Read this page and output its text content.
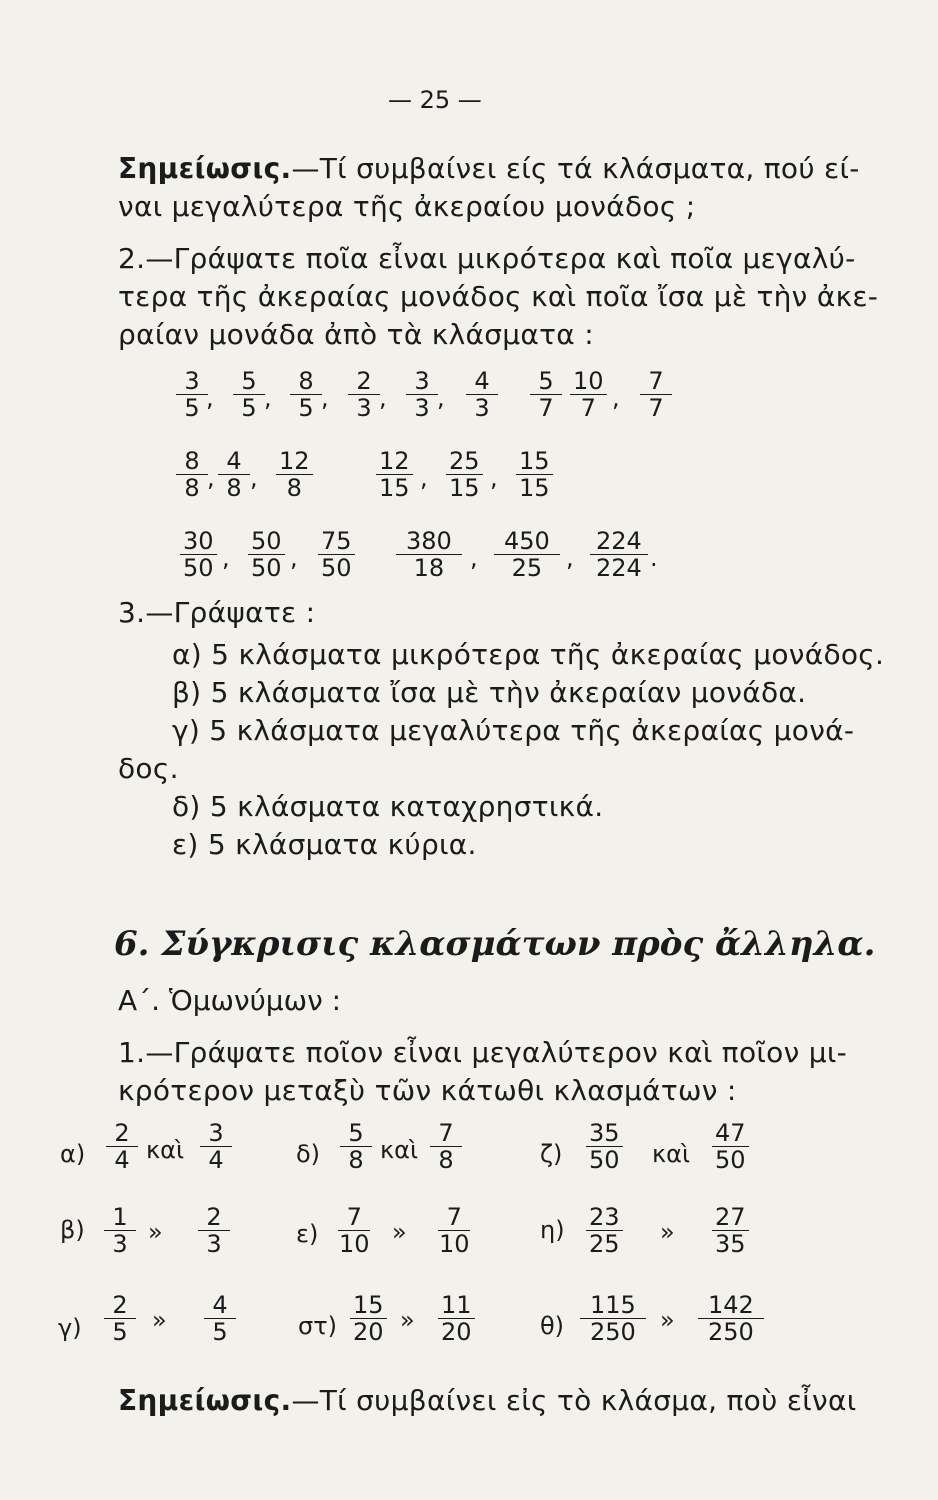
— 25 —
Σημείωσις.—Τί συμβαίνει είς τά κλάσματα, πού εί-
ναι μεγαλύτερα τῆς ἀκεραίου μονάδος ;
2.—Γράψατε ποῖα εἶναι μικρότερα καὶ ποῖα μεγαλύ-
τερα τῆς ἀκεραίας μονάδος καὶ ποῖα ἴσα μὲ τὴν ἀκε-
ραίαν μονάδα ἀπὸ τὰ κλάσματα :
$\frac{3}{5}$
, $\frac{5}{5}$ , $\frac{8}{5}$ , $\frac{2}{3}$ , $\frac{3}{3}$ , $\frac{4}{3} \frac{5}{7} \frac{10}{7}$ , $\frac{7}{7}$
$\frac{8}{8}$ , $\frac{4}{8}$ , $\frac{12}{8}$	$\frac{12}{15}$ , $\frac{25}{15}$ , $\frac{15}{15}$
$\frac{30}{50}$ , $\frac{50}{50}$ , $\frac{75}{50} \frac{380}{18}$ , $\frac{450}{25}$ , $\frac{224}{224}$ .
3.—Γράψατε :
α) 5 κλάσματα μικρότερα τῆς ἀκεραίας μονάδος.
β) 5 κλάσματα ἴσα μὲ τὴν ἀκεραίαν μονάδα.
γ) 5 κλάσματα μεγαλύτερα τῆς ἀκεραίας μονά-
δος.
δ) 5 κλάσματα καταχρηστικά.
ε) 5 κλάσματα κύρια.
6. Σύγκρισις κλασμάτων πρὸς ἄλληλα.
Α΄. Ὁμωνύμων :
1.—Γράψατε ποῖον εἶναι μεγαλύτερον καὶ ποῖον μι-
κρότερον μεταξὺ τῶν κάτωθι κλασμάτων :
$\alpha) \frac{2}{4}$ καὶ $\frac{3}{4}$	$\delta) \frac{5}{8}$ καὶ $\frac{7}{8}$	$\zeta) \frac{35}{50}$ καὶ $\frac{47}{50}$
$\beta) \frac{1}{3}$ » $\frac{2}{3}$	$\varepsilon) \frac{7}{10}$ » $\frac{7}{10}$	$\eta) \frac{23}{25}$ » $\frac{27}{35}$
$\gamma) \frac{2}{5}$ » $\frac{4}{5}$	$\sigma\tau) \frac{15}{20}$ » $\frac{11}{20}$	$\theta) \frac{115}{250}$ » $\frac{142}{250}$
Σημείωσις.—Τί συμβαίνει εἰς τὸ κλάσμα, ποὺ εἶναι
